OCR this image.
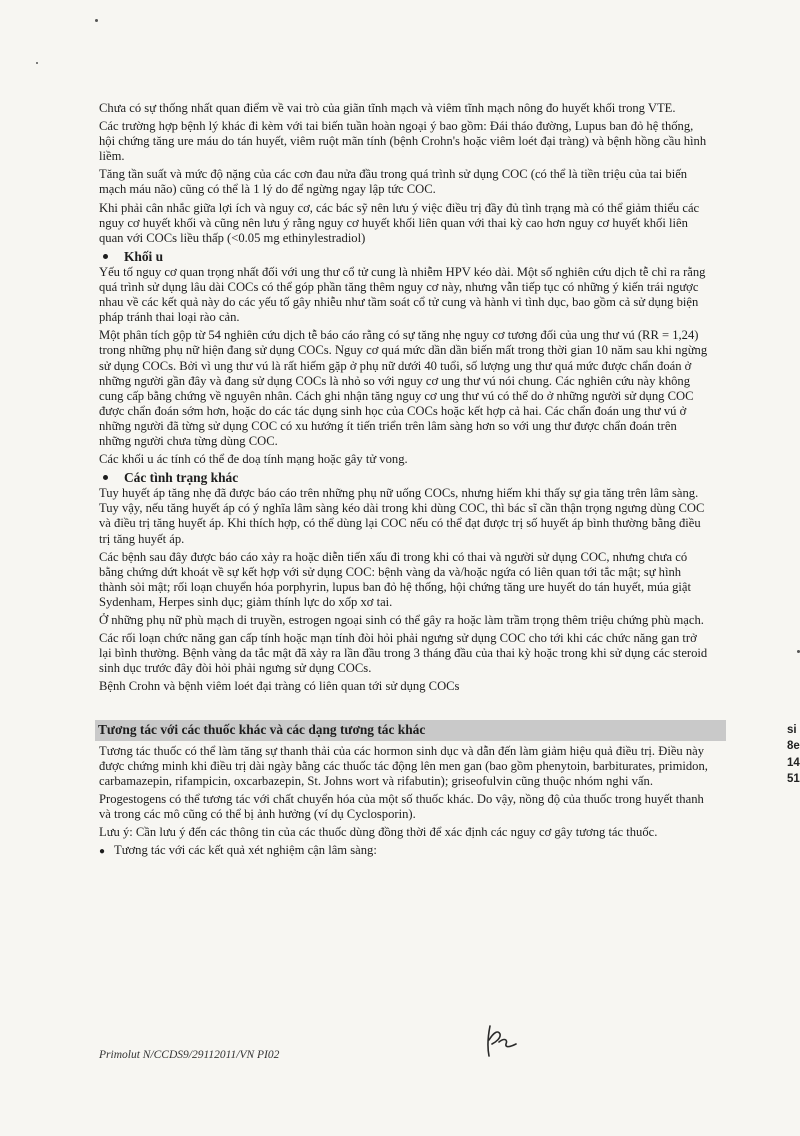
Chưa có sự thống nhất quan điểm về vai trò của giãn tĩnh mạch và viêm tĩnh mạch nông đo huyết khối trong VTE.

Các trường hợp bệnh lý khác đi kèm với tai biến tuần hoàn ngoại ý bao gồm: Đái tháo đường, Lupus ban đỏ hệ thống, hội chứng tăng ure máu do tán huyết, viêm ruột mãn tính (bệnh Crohn's hoặc viêm loét đại tràng) và bệnh hồng cầu hình liềm.

Tăng tần suất và mức độ nặng của các cơn đau nửa đầu trong quá trình sử dụng COC (có thể là tiền triệu của tai biến mạch máu não) cũng có thể là 1 lý do để ngừng ngay lập tức COC.

Khi phải cân nhắc giữa lợi ích và nguy cơ, các bác sỹ nên lưu ý việc điều trị đầy đủ tình trạng mà có thể giảm thiểu các nguy cơ huyết khối và cũng nên lưu ý rằng nguy cơ huyết khối liên quan với thai kỳ cao hơn nguy cơ huyết khối liên quan với COCs liều thấp (<0.05 mg ethinylestradiol)

Khối u

Yếu tố nguy cơ quan trọng nhất đối với ung thư cổ tử cung là nhiễm HPV kéo dài. Một số nghiên cứu dịch tễ chỉ ra rằng quá trình sử dụng lâu dài COCs có thể góp phần tăng thêm nguy cơ này, nhưng vẫn tiếp tục có những ý kiến trái ngược nhau về các kết quả này do các yếu tố gây nhiễu như tầm soát cổ tử cung và hành vi tình dục, bao gồm cả sử dụng biện pháp tránh thai loại rào cản.

Một phân tích gộp từ 54 nghiên cứu dịch tễ báo cáo rằng có sự tăng nhẹ nguy cơ tương đối của ung thư vú (RR = 1,24) trong những phụ nữ hiện đang sử dụng COCs. Nguy cơ quá mức dần dần biến mất trong thời gian 10 năm sau khi ngừng sử dụng COCs. Bởi vì ung thư vú là rất hiếm gặp ở phụ nữ dưới 40 tuổi, số lượng ung thư quá mức được chẩn đoán ở những người gần đây và đang sử dụng COCs là nhỏ so với nguy cơ ung thư vú nói chung. Các nghiên cứu này không cung cấp bằng chứng về nguyên nhân. Cách ghi nhận tăng nguy cơ ung thư vú có thể do ở những người sử dụng COC được chẩn đoán sớm hơn, hoặc do các tác dụng sinh học của COCs hoặc kết hợp cả hai. Các chẩn đoán ung thư vú ở những người đã từng sử dụng COC có xu hướng ít tiến triển trên lâm sàng hơn so với ung thư được chẩn đoán trên những người chưa từng dùng COC.

Các khối u ác tính có thể đe doạ tính mạng hoặc gây tử vong.

Các tình trạng khác

Tuy huyết áp tăng nhẹ đã được báo cáo trên những phụ nữ uống COCs, nhưng hiếm khi thấy sự gia tăng trên lâm sàng. Tuy vậy, nếu tăng huyết áp có ý nghĩa lâm sàng kéo dài trong khi dùng COC, thì bác sĩ cần thận trọng ngưng dùng COC và điều trị tăng huyết áp. Khi thích hợp, có thể dùng lại COC nếu có thể đạt được trị số huyết áp bình thường bằng điều trị tăng huyết áp.

Các bệnh sau đây được báo cáo xảy ra hoặc diễn tiến xấu đi trong khi có thai và người sử dụng COC, nhưng chưa có bằng chứng dứt khoát về sự kết hợp với sử dụng COC: bệnh vàng da và/hoặc ngứa có liên quan tới tắc mật; sự hình thành sỏi mật; rối loạn chuyển hóa porphyrin, lupus ban đỏ hệ thống, hội chứng tăng ure huyết do tán huyết, múa giật Sydenham, Herpes sinh dục; giảm thính lực do xốp xơ tai.

Ở những phụ nữ phù mạch di truyền, estrogen ngoại sinh có thể gây ra hoặc làm trầm trọng thêm triệu chứng phù mạch.

Các rối loạn chức năng gan cấp tính hoặc mạn tính đòi hỏi phải ngưng sử dụng COC cho tới khi các chức năng gan trở lại bình thường. Bệnh vàng da tắc mật đã xảy ra lần đầu trong 3 tháng đầu của thai kỳ hoặc trong khi sử dụng các steroid sinh dục trước đây đòi hỏi phải ngưng sử dụng COCs.

Bệnh Crohn và bệnh viêm loét đại tràng có liên quan tới sử dụng COCs

Tương tác với các thuốc khác và các dạng tương tác khác

Tương tác thuốc có thể làm tăng sự thanh thải của các hormon sinh dục và dẫn đến làm giảm hiệu quả điều trị. Điều này được chứng minh khi điều trị dài ngày bằng các thuốc tác động lên men gan (bao gồm phenytoin, barbiturates, primidon, carbamazepin, rifampicin, oxcarbazepin, St. Johns wort và rifabutin); griseofulvin cũng thuộc nhóm nghi vấn.

Progestogens có thể tương tác với chất chuyển hóa của một số thuốc khác. Do vậy, nồng độ của thuốc trong huyết thanh và trong các mô cũng có thể bị ảnh hưởng (ví dụ Cyclosporin).

Lưu ý: Cần lưu ý đến các thông tin của các thuốc dùng đồng thời để xác định các nguy cơ gây tương tác thuốc.

● Tương tác với các kết quả xét nghiệm cận lâm sàng:
Primolut N/CCDS9/29112011/VN PI02
si
8e
14
51
